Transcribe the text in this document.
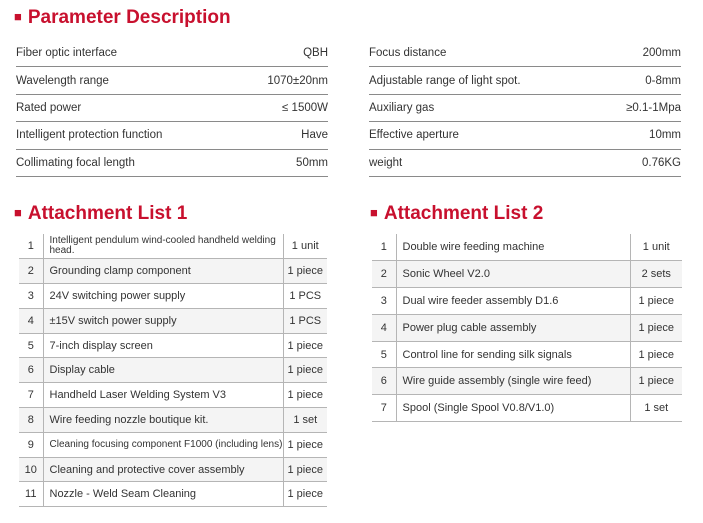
■ Parameter Description
Fiber optic interface	QBH
Wavelength range	1070±20nm
Rated power	≤ 1500W
Intelligent protection function	Have
Collimating focal length	50mm
Focus distance	200mm
Adjustable range of light spot.	0-8mm
Auxiliary gas	≥0.1-1Mpa
Effective aperture	10mm
weight	0.76KG
■ Attachment List 1	■ Attachment List 2
1	Intelligent pendulum wind-cooled handheld welding head.	1 unit
2	Grounding clamp component	1 piece
3	24V switching power supply	1 PCS
4	±15V switch power supply	1 PCS
5	7-inch display screen	1 piece
6	Display cable	1 piece
7	Handheld Laser Welding System V3	1 piece
8	Wire feeding nozzle boutique kit.	1 set
9	Cleaning focusing component F1000 (including lens)	1 piece
10	Cleaning and protective cover assembly	1 piece
11	Nozzle - Weld Seam Cleaning	1 piece
1	Double wire feeding machine	1 unit
2	Sonic Wheel V2.0	2 sets
3	Dual wire feeder assembly D1.6	1 piece
4	Power plug cable assembly	1 piece
5	Control line for sending silk signals	1 piece
6	Wire guide assembly (single wire feed)	1 piece
7	Spool (Single Spool V0.8/V1.0)	1 set
